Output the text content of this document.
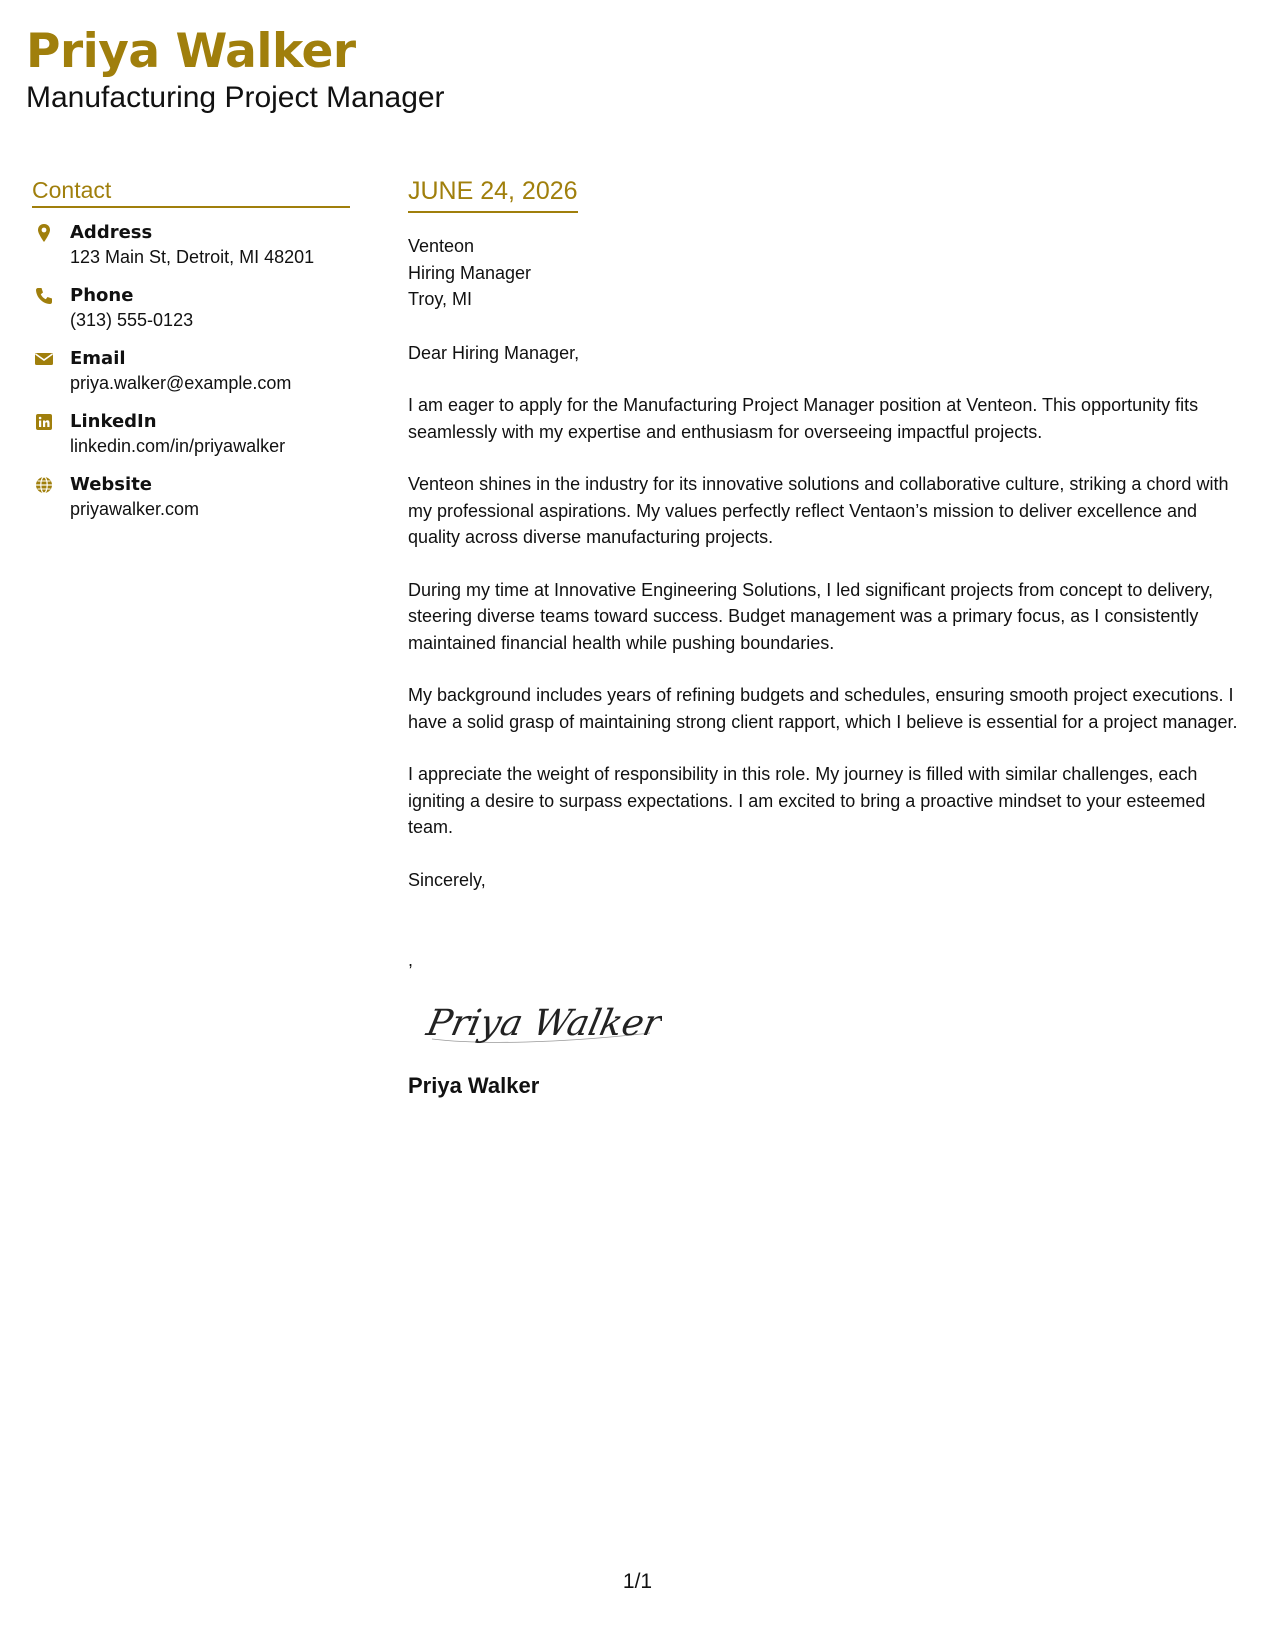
Priya Walker
Manufacturing Project Manager
Contact
Address
123 Main St, Detroit, MI 48201
Phone
(313) 555-0123
Email
priya.walker@example.com
LinkedIn
linkedin.com/in/priyawalker
Website
priyawalker.com
JUNE 24, 2026
Venteon
Hiring Manager
Troy, MI
Dear Hiring Manager,
I am eager to apply for the Manufacturing Project Manager position at Venteon. This opportunity fits seamlessly with my expertise and enthusiasm for overseeing impactful projects.
Venteon shines in the industry for its innovative solutions and collaborative culture, striking a chord with my professional aspirations. My values perfectly reflect Ventaon’s mission to deliver excellence and quality across diverse manufacturing projects.
During my time at Innovative Engineering Solutions, I led significant projects from concept to delivery, steering diverse teams toward success. Budget management was a primary focus, as I consistently maintained financial health while pushing boundaries.
My background includes years of refining budgets and schedules, ensuring smooth project executions. I have a solid grasp of maintaining strong client rapport, which I believe is essential for a project manager.
I appreciate the weight of responsibility in this role. My journey is filled with similar challenges, each igniting a desire to surpass expectations. I am excited to bring a proactive mindset to your esteemed team.
Sincerely,
,
Priya Walker
Priya Walker
1/1
